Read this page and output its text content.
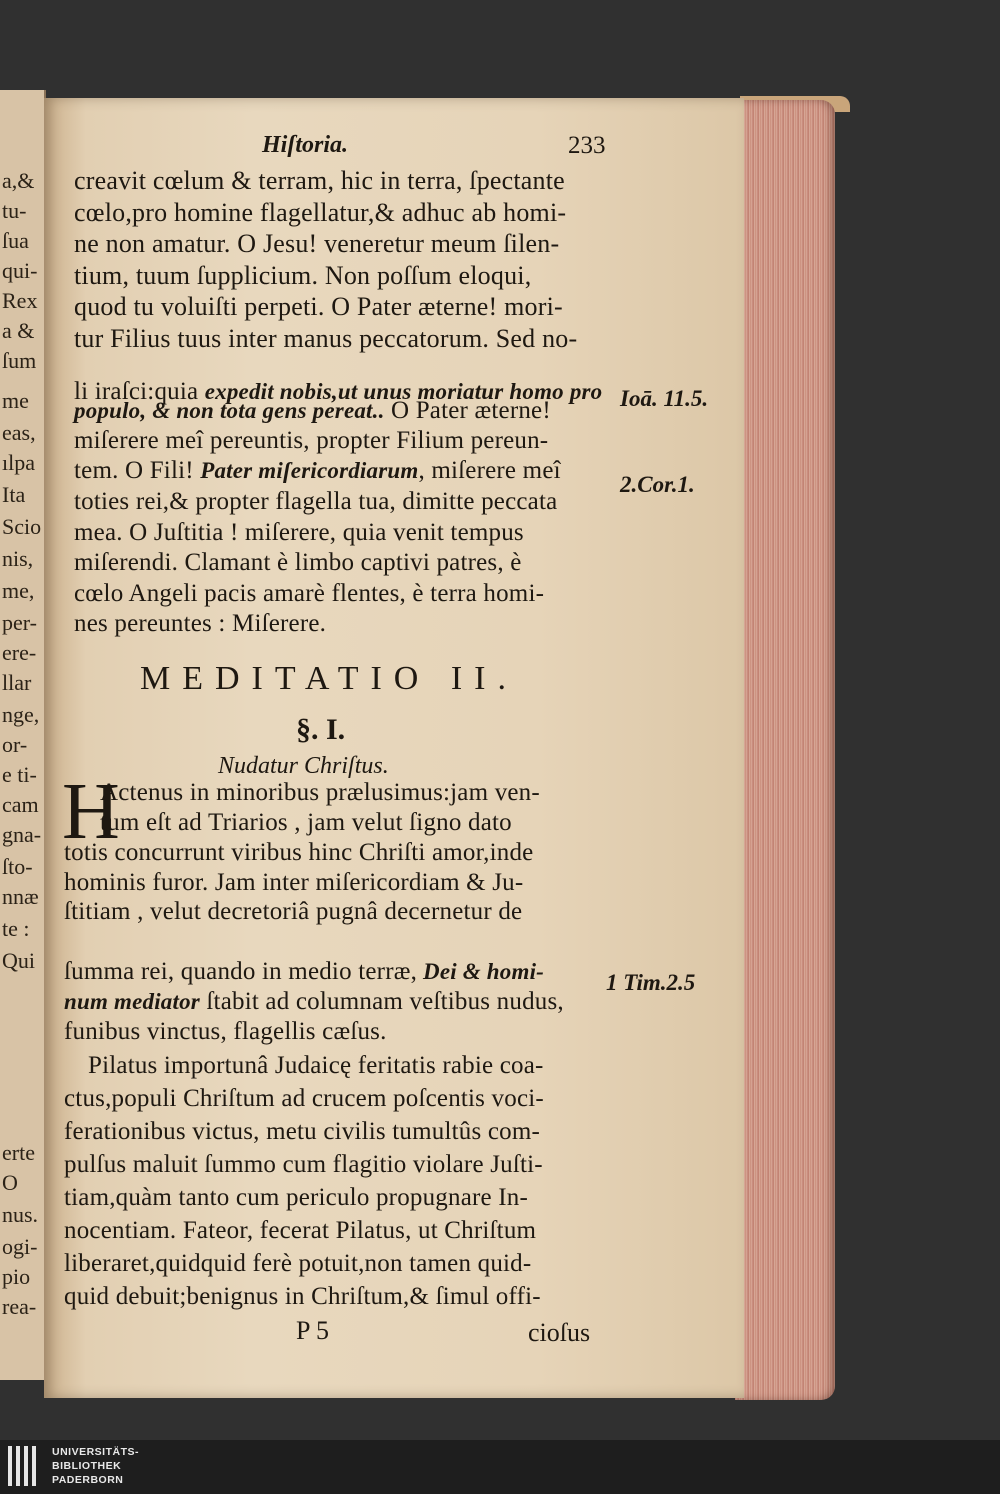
a,&
tu-
ſua
qui-
Rex
a &
ſum
me
eas,
ılpa
Ita
Scio
nis,
me,
per-
ere-
llar
nge,
or-
e ti-
cam
gna-
ſto-
nnæ
te :
Qui
erte
O
nus.
ogi-
pio
rea-
Hiſtoria.	233
creavit cœlum & terram, hic in terra, ſpectante
cœlo,pro homine flagellatur,& adhuc ab homi-
ne non amatur. O Jesu! veneretur meum ſilen-
tium, tuum ſupplicium. Non poſſum eloqui,
quod tu voluiſti perpeti. O Pater æterne! mori-
tur Filius tuus inter manus peccatorum. Sed no-
li iraſci:quia expedit nobis,ut unus moriatur homo pro
populo, & non tota gens pereat.. O Pater æterne!
miſerere meî pereuntis, propter Filium pereun-
tem. O Fili! Pater miſericordiarum, miſerere meî
toties rei,& propter flagella tua, dimitte peccata
mea. O Juſtitia ! miſerere, quia venit tempus
miſerendi. Clamant è limbo captivi patres, è
cœlo Angeli pacis amarè flentes, è terra homi-
nes pereuntes : Miſerere.
MEDITATIO II.
§. I.
Nudatur Chriſtus.
H
Actenus in minoribus prælusimus:jam ven-
tum eſt ad Triarios , jam velut ſigno dato
totis concurrunt viribus hinc Chriſti amor,inde
hominis furor. Jam inter miſericordiam & Ju-
ſtitiam , velut decretoriâ pugnâ decernetur de
ſumma rei, quando in medio terræ, Dei & homi-
num mediator ſtabit ad columnam veſtibus nudus,
funibus vinctus, flagellis cæſus.
Pilatus importunâ Judaicę feritatis rabie coa-
ctus,populi Chriſtum ad crucem poſcentis voci-
ferationibus victus, metu civilis tumultûs com-
pulſus maluit ſummo cum flagitio violare Juſti-
tiam,quàm tanto cum periculo propugnare In-
nocentiam. Fateor, fecerat Pilatus, ut Chriſtum
liberaret,quidquid ferè potuit,non tamen quid-
quid debuit;benignus in Chriſtum,& ſimul offi-
P 5	cioſus
Ioā. 11.5.
2.Cor.1.
1 Tim.2.5
UNIVERSITÄTS-
BIBLIOTHEK
PADERBORN
